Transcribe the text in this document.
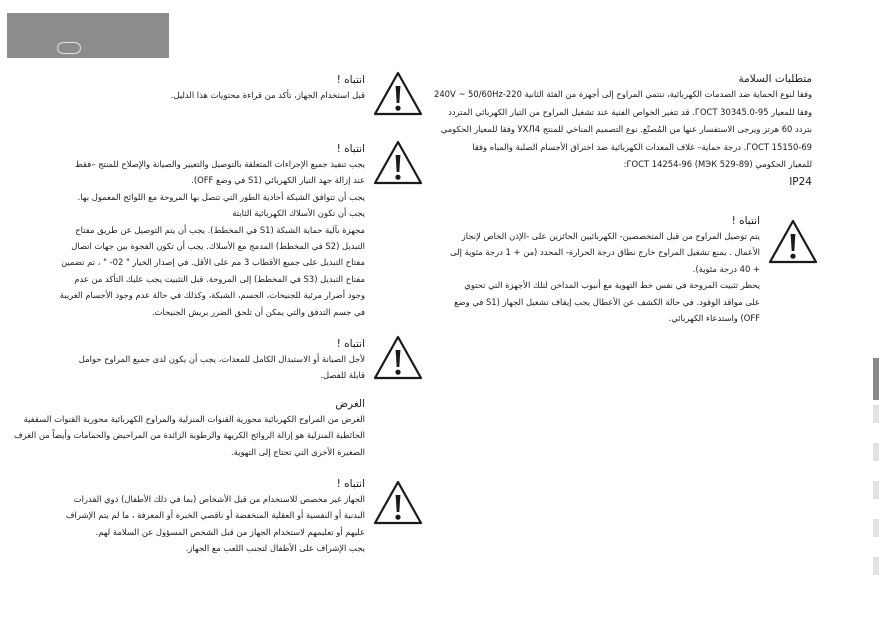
انتباه !

قبل استخدام الجهاز، تأكد من قراءة محتويات هذا الدليل.

انتباه !

يجب تنفيذ جميع الإجراءات المتعلقة بالتوصيل والتعيير والصيانة والإصلاح للمنتج –فقط
عند إزالة جهد التيار الكهربائي (S1 في وضع OFF).
يجب أن تتوافق الشبكة أحادية الطور التي تتصل بها المروحة مع اللوائح المعمول بها.
يجب أن تكون الأسلاك الكهربائية الثابتة
مجهزة بآلية حماية الشبكة (S1 في المخطط). يجب أن يتم التوصيل عن طريق مفتاح
التبديل (S2 في المخطط) المدمج مع الأسلاك. يجب أن تكون الفجوة بين جهات اتصال
مفتاح التبديل على جميع الأقطاب 3 مم على الأقل. في إصدار الخيار " 02- " ، تم تضمين
مفتاح التبديل (S3 في المخطط) إلى المروحة. قبل التثبيت يجب عليك التأكد من عدم
وجود أضرار مرئية للجنيحات، الجسم، الشبكة، وكذلك في حالة عدم وجود الأجسام الغريبة
في جسم التدفق والتي يمكن أن تلحق الضرر بريش الجنيحات.

انتباه !

لأجل الصيانة أو الاستبدال الكامل للمعدات، يجب أن يكون لدى جميع المراوح حوامل
قابلة للفصل.

الغرض

الغرض من المراوح الكهربائية محورية القنوات المنزلية والمراوح الكهربائية محورية القنوات السقفية
الحائطية المنزلية هو إزالة الروائح الكريهة والرطوبة الزائدة من المراحيض والحمامات وأيضاً من الغرف
الصغيرة الأخرى التي تحتاج إلى التهوية.

انتباه !

الجهاز غير مخصص للاستخدام من قبل الأشخاص (بما في ذلك الأطفال) ذوي القدرات
البدنية أو النفسية أو العقلية المنخفضة أو ناقصي الخبرة أو المعرفة ، ما لم يتم الإشراف
عليهم أو تعليمهم لاستخدام الجهاز من قبل الشخص المسؤول عن السلامة لهم.
يجب الإشراف على الأطفال لتجنب اللعب مع الجهاز.

متطلبات السلامة

وفقا لنوع الحماية ضد الصدمات الكهربائية، تنتمي المراوح إلى أجهزة من الفئة الثانية 220-240V ~ 50/60Hz
وفقا للمعيار ГОСТ 30345.0-95. قد تتغير الخواص الفنية عند تشغيل المراوح من التيار الكهربائي المتردد
بتردد 60 هرتز ويرجى الاستفسار عنها من المُصنّع. نوع التصميم المناخي للمنتج УХЛ4 وفقا للمعيار الحكومي
ГОСТ 15150-69. درجة حماية– غلاف المعدات الكهربائية ضد اختراق الأجسام الصلبة والمياه وفقا
للمعيار الحكومي ГОСТ 14254-96 (МЭК 529-89):
IP24

انتباه !

يتم توصيل المراوح من قبل المتخصصين- الكهربائيين الحائزين على -الإذن الخاص لإنجاز
الأعمال . يمنع تشغيل المراوح خارج نطاق درجة الحرارة- المحدد (من + 1 درجة مئوية إلى
+ 40 درجة مئوية).
يحظر تثبيت المروحة في نفس خط التهوية مع أنبوب المداخن لتلك الأجهزة التي تحتوي
على مواقد الوقود. في حالة الكشف عن الأعطال يجب إيقاف تشغيل الجهاز (S1 في وضع
OFF) واستدعاء الكهربائي.
